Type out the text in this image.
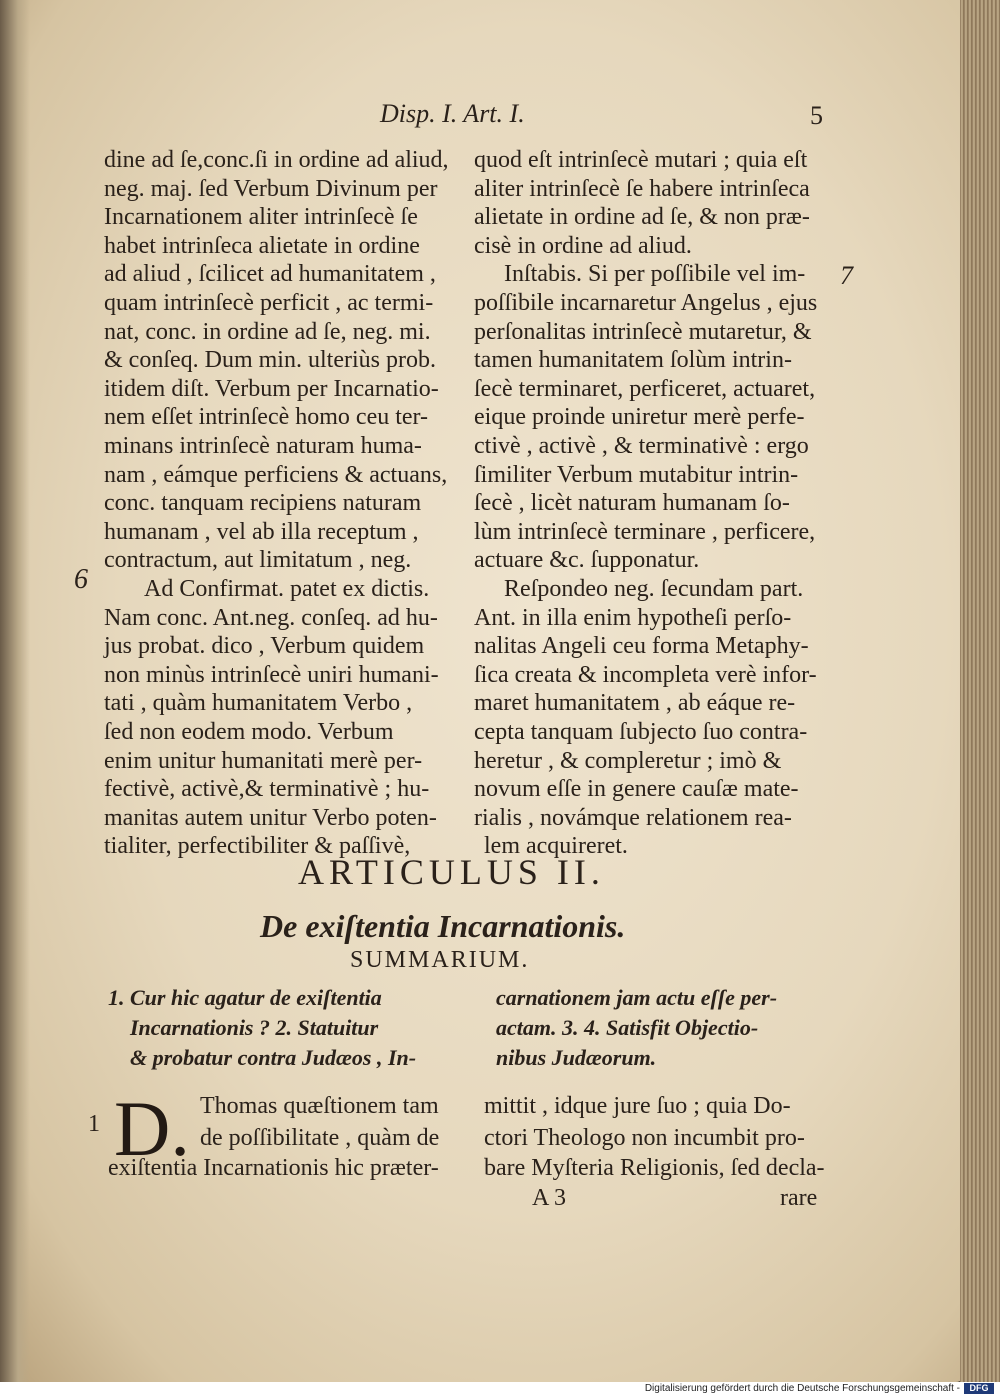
Disp. I. Art. I.	5
dine ad ſe,conc.ſi in ordine ad aliud,
neg. maj. ſed Verbum Divinum per
Incarnationem aliter intrinſecè ſe
habet intrinſeca alietate in ordine
ad aliud , ſcilicet ad humanitatem ,
quam intrinſecè perficit , ac termi-
nat, conc. in ordine ad ſe, neg. mi.
& conſeq. Dum min. ulteriùs prob.
itidem diſt. Verbum per Incarnatio-
nem eſſet intrinſecè homo ceu ter-
minans intrinſecè naturam huma-
nam , eámque perficiens & actuans,
conc. tanquam recipiens naturam
humanam , vel ab illa receptum ,
contractum, aut limitatum , neg.
Ad Confirmat. patet ex dictis.
Nam conc. Ant.neg. conſeq. ad hu-
jus probat. dico , Verbum quidem
non minùs intrinſecè uniri humani-
tati , quàm humanitatem Verbo ,
ſed non eodem modo. Verbum
enim unitur humanitati merè per-
fectivè, activè,& terminativè ; hu-
manitas autem unitur Verbo poten-
tialiter, perfectibiliter & paſſivè,
quod eſt intrinſecè mutari ; quia eſt
aliter intrinſecè ſe habere intrinſeca
alietate in ordine ad ſe, & non præ-
cisè in ordine ad aliud.
Inſtabis. Si per poſſibile vel im-
poſſibile incarnaretur Angelus , ejus
perſonalitas intrinſecè mutaretur, &
tamen humanitatem ſolùm intrin-
ſecè terminaret, perficeret, actuaret,
eique proinde uniretur merè perfe-
ctivè , activè , & terminativè : ergo
ſimiliter Verbum mutabitur intrin-
ſecè , licèt naturam humanam ſo-
lùm intrinſecè terminare , perficere,
actuare &c. ſupponatur.
Reſpondeo neg. ſecundam part.
Ant. in illa enim hypotheſi perſo-
nalitas Angeli ceu forma Metaphy-
ſica creata & incompleta verè infor-
maret humanitatem , ab eáque re-
cepta tanquam ſubjecto ſuo contra-
heretur , & compleretur ; imò &
novum eſſe in genere cauſæ mate-
rialis , novámque relationem rea-
lem acquireret.
6
7
ARTICULUS II.
De exiſtentia Incarnationis.
SUMMARIUM.
1. Cur hic agatur de exiſtentia
Incarnationis ? 2. Statuitur
& probatur contra Judæos , In-
carnationem jam actu eſſe per-
actam. 3. 4. Satisfit Objectio-
nibus Judæorum.
1 D. Thomas quæſtionem tam
de poſſibilitate , quàm de
exiſtentia Incarnationis hic præter-
mittit , idque jure ſuo ; quia Do-
ctori Theologo non incumbit pro-
bare Myſteria Religionis, ſed decla-
A 3	rare
Digitalisierung gefördert durch die Deutsche Forschungsgemeinschaft -	DFG
